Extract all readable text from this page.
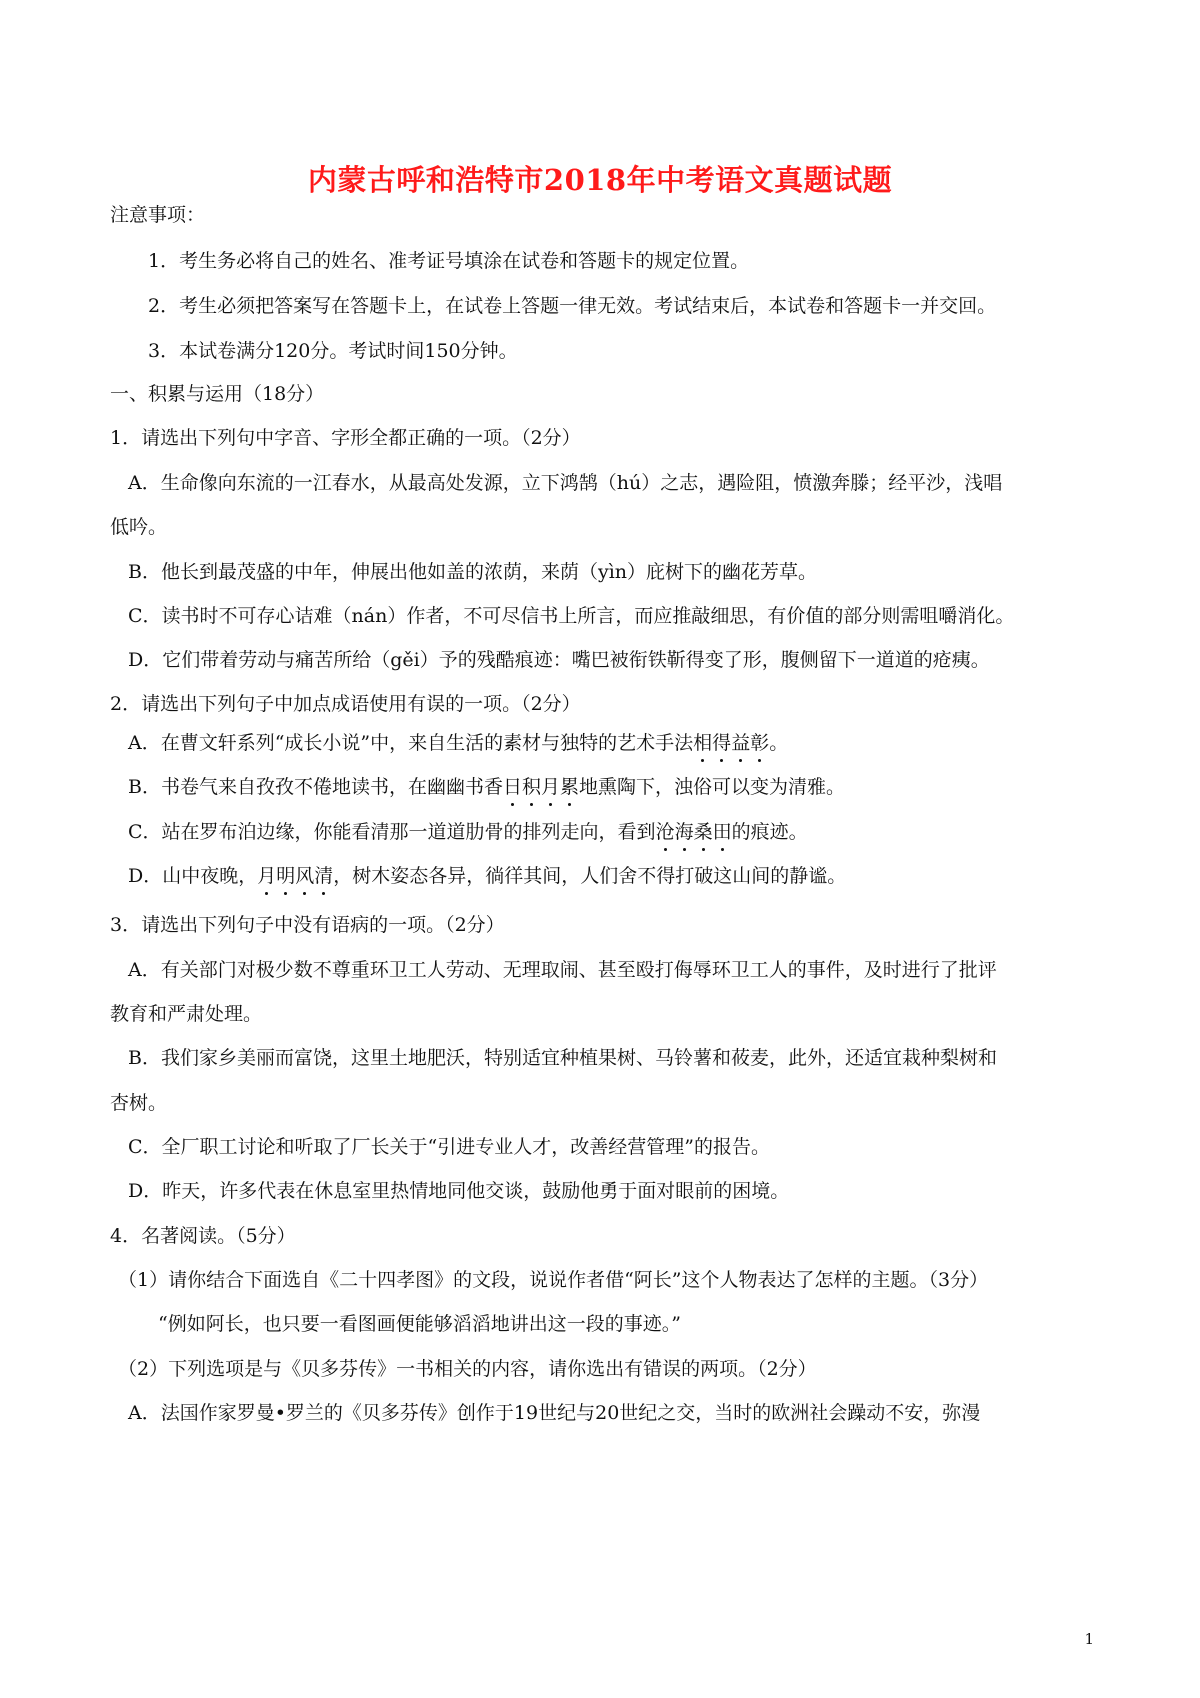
内蒙古呼和浩特市2018年中考语文真题试题
注意事项：
1．考生务必将自己的姓名、准考证号填涂在试卷和答题卡的规定位置。
2．考生必须把答案写在答题卡上，在试卷上答题一律无效。考试结束后，本试卷和答题卡一并交回。
3．本试卷满分120分。考试时间150分钟。
一、积累与运用（18分）
1．请选出下列句中字音、字形全都正确的一项。（2分）
A．生命像向东流的一江春水，从最高处发源，立下鸿鹄（hú）之志，遇险阻，愤激奔滕；经平沙，浅唱
低吟。
B．他长到最茂盛的中年，伸展出他如盖的浓荫，来荫（yìn）庇树下的幽花芳草。
C．读书时不可存心诘难（nán）作者，不可尽信书上所言，而应推敲细思，有价值的部分则需咀嚼消化。
D．它们带着劳动与痛苦所给（gěi）予的残酷痕迹：嘴巴被衔铁靳得变了形，腹侧留下一道道的疮痍。
2．请选出下列句子中加点成语使用有误的一项。（2分）
A．在曹文轩系列“成长小说”中，来自生活的素材与独特的艺术手法相得益彰。
B．书卷气来自孜孜不倦地读书，在幽幽书香日积月累地熏陶下，浊俗可以变为清雅。
C．站在罗布泊边缘，你能看清那一道道肋骨的排列走向，看到沧海桑田的痕迹。
D．山中夜晚，月明风清，树木姿态各异，徜徉其间，人们舍不得打破这山间的静谧。
3．请选出下列句子中没有语病的一项。（2分）
A．有关部门对极少数不尊重环卫工人劳动、无理取闹、甚至殴打侮辱环卫工人的事件，及时进行了批评
教育和严肃处理。
B．我们家乡美丽而富饶，这里土地肥沃，特别适宜种植果树、马铃薯和莜麦，此外，还适宜栽种梨树和
杏树。
C．全厂职工讨论和听取了厂长关于“引进专业人才，改善经营管理”的报告。
D．昨天，许多代表在休息室里热情地同他交谈，鼓励他勇于面对眼前的困境。
4．名著阅读。（5分）
（1）请你结合下面选自《二十四孝图》的文段，说说作者借“阿长”这个人物表达了怎样的主题。（3分）
“例如阿长，也只要一看图画便能够滔滔地讲出这一段的事迹。”
（2）下列选项是与《贝多芬传》一书相关的内容，请你选出有错误的两项。（2分）
A．法国作家罗曼•罗兰的《贝多芬传》创作于19世纪与20世纪之交，当时的欧洲社会躁动不安，弥漫
1
